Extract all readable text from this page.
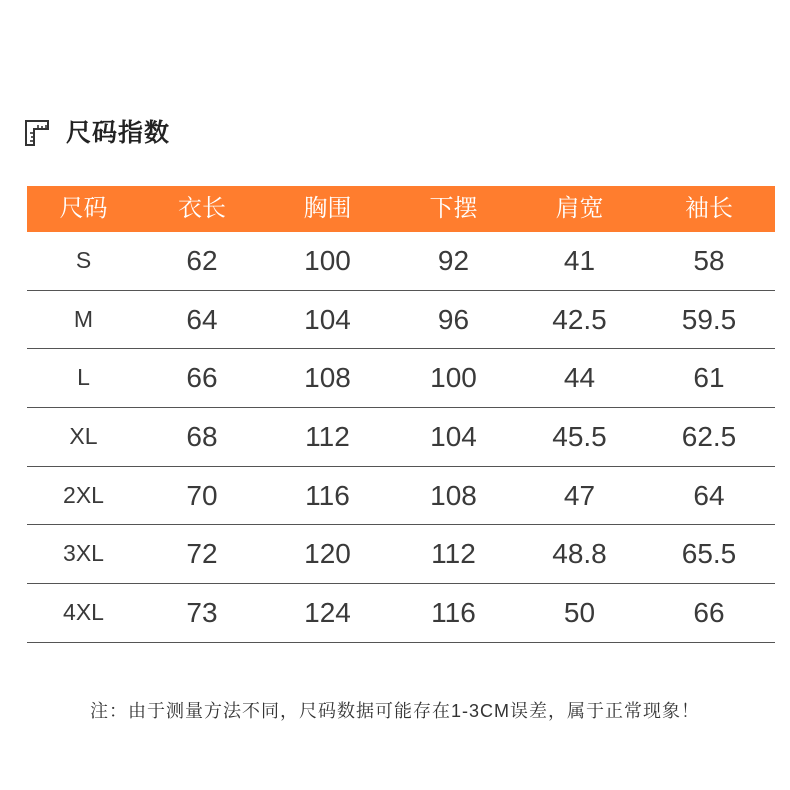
尺码指数
尺码	衣长	胸围	下摆	肩宽	袖长
S	62	100	92	41	58
M	64	104	96	42.5	59.5
L	66	108	100	44	61
XL	68	112	104	45.5	62.5
2XL	70	116	108	47	64
3XL	72	120	112	48.8	65.5
4XL	73	124	116	50	66
注：由于测量方法不同，尺码数据可能存在1-3CM误差，属于正常现象！
